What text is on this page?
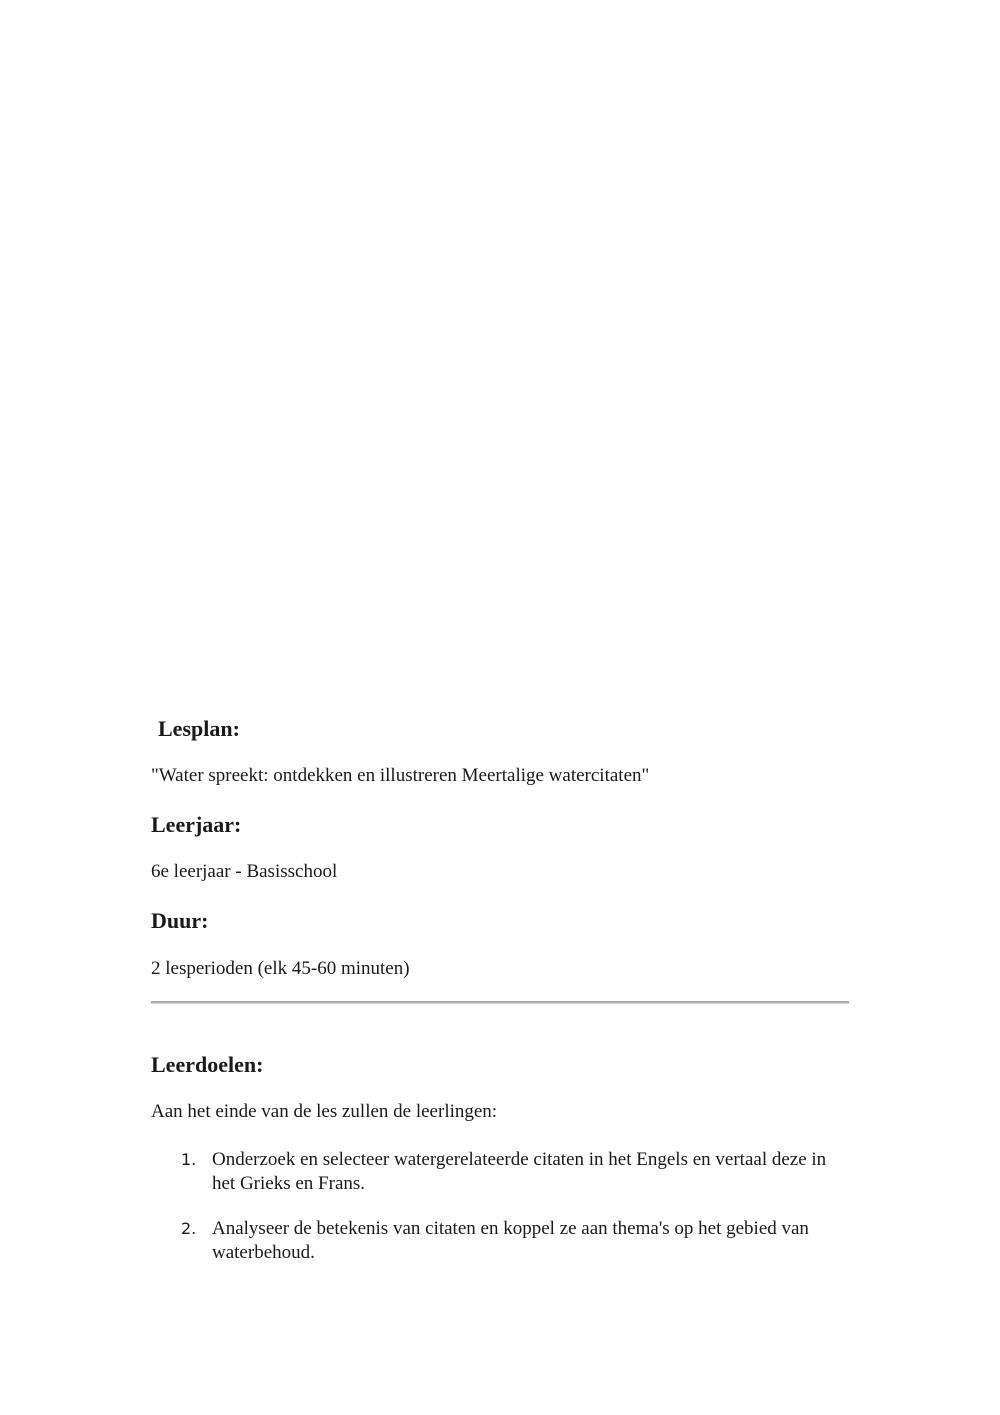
Lesplan:

"Water spreekt: ontdekken en illustreren Meertalige watercitaten"

Leerjaar:

6e leerjaar - Basisschool

Duur:

2 lesperioden (elk 45-60 minuten)

Leerdoelen:

Aan het einde van de les zullen de leerlingen:

1. Onderzoek en selecteer watergerelateerde citaten in het Engels en vertaal deze in het Grieks en Frans.
2. Analyseer de betekenis van citaten en koppel ze aan thema's op het gebied van waterbehoud.
